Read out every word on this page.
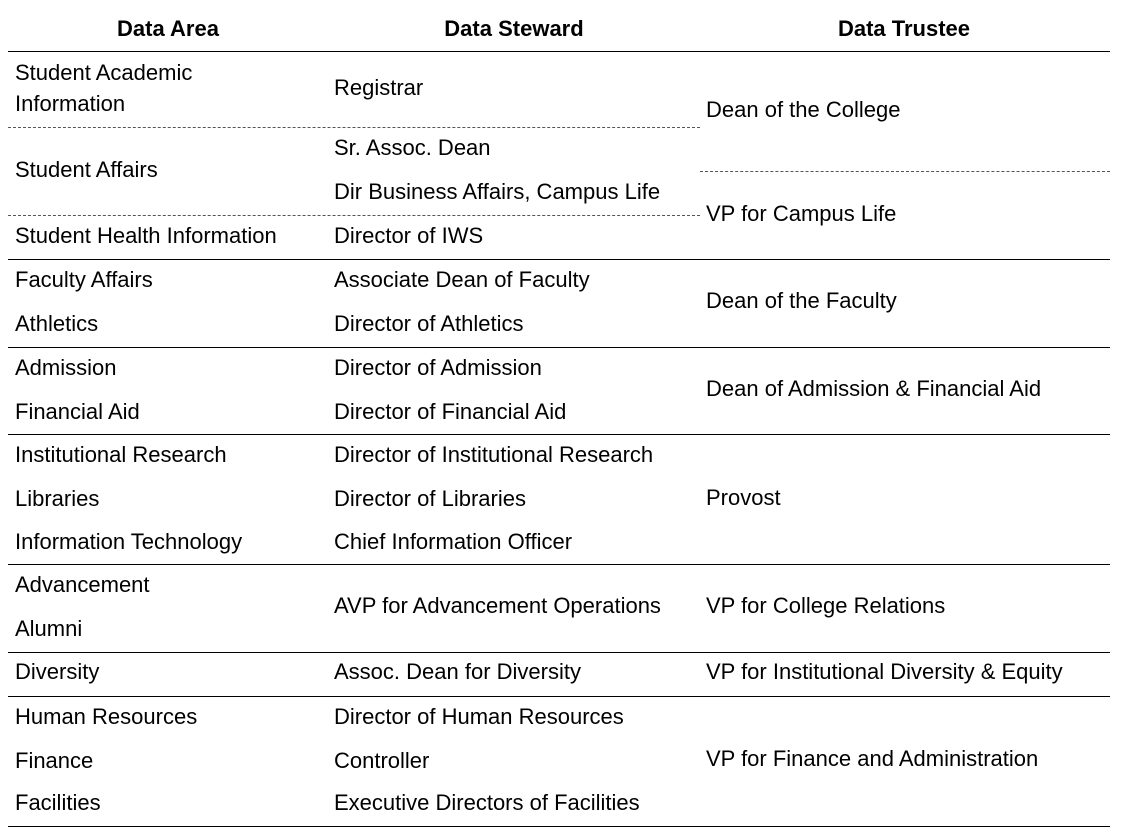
Data Area	Data Steward	Data Trustee
Student Academic
Information
Student Affairs
Student Health Information
Faculty Affairs
Athletics
Admission
Financial Aid
Institutional Research
Libraries
Information Technology
Advancement
Alumni
Diversity
Human Resources
Finance
Facilities
Registrar
Sr. Assoc. Dean
Dir Business Affairs, Campus Life
Director of IWS
Associate Dean of Faculty
Director of Athletics
Director of Admission
Director of Financial Aid
Director of Institutional Research
Director of Libraries
Chief Information Officer
AVP for Advancement Operations
Assoc. Dean for Diversity
Director of Human Resources
Controller
Executive Directors of Facilities
Dean of the College
VP for Campus Life
Dean of the Faculty
Dean of Admission & Financial Aid
Provost
VP for College Relations
VP for Institutional Diversity & Equity
VP for Finance and Administration
